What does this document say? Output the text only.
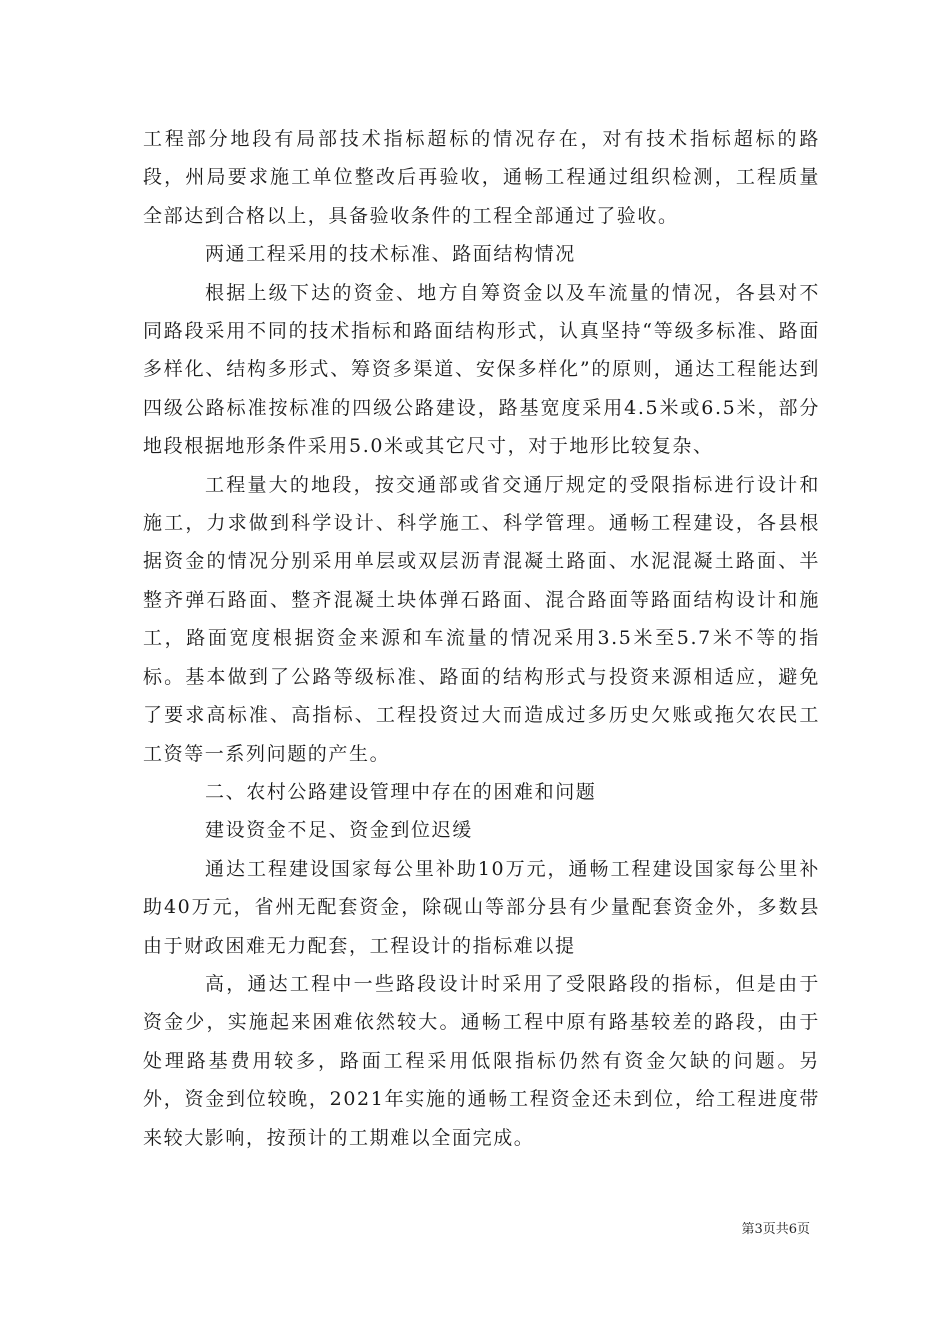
工程部分地段有局部技术指标超标的情况存在，对有技术指标超标的路段，州局要求施工单位整改后再验收，通畅工程通过组织检测，工程质量全部达到合格以上，具备验收条件的工程全部通过了验收。

两通工程采用的技术标准、路面结构情况

根据上级下达的资金、地方自筹资金以及车流量的情况，各县对不同路段采用不同的技术指标和路面结构形式，认真坚持“等级多标准、路面多样化、结构多形式、筹资多渠道、安保多样化”的原则，通达工程能达到四级公路标准按标准的四级公路建设，路基宽度采用4.5米或6.5米，部分地段根据地形条件采用5.0米或其它尺寸，对于地形比较复杂、

工程量大的地段，按交通部或省交通厅规定的受限指标进行设计和施工，力求做到科学设计、科学施工、科学管理。通畅工程建设，各县根据资金的情况分别采用单层或双层沥青混凝土路面、水泥混凝土路面、半整齐弹石路面、整齐混凝土块体弹石路面、混合路面等路面结构设计和施工，路面宽度根据资金来源和车流量的情况采用3.5米至5.7米不等的指标。基本做到了公路等级标准、路面的结构形式与投资来源相适应，避免了要求高标准、高指标、工程投资过大而造成过多历史欠账或拖欠农民工工资等一系列问题的产生。

二、农村公路建设管理中存在的困难和问题

建设资金不足、资金到位迟缓

通达工程建设国家每公里补助10万元，通畅工程建设国家每公里补助40万元，省州无配套资金，除砚山等部分县有少量配套资金外，多数县由于财政困难无力配套，工程设计的指标难以提

高，通达工程中一些路段设计时采用了受限路段的指标，但是由于资金少，实施起来困难依然较大。通畅工程中原有路基较差的路段，由于处理路基费用较多，路面工程采用低限指标仍然有资金欠缺的问题。另外，资金到位较晚，2021年实施的通畅工程资金还未到位，给工程进度带来较大影响，按预计的工期难以全面完成。

第3页共6页
